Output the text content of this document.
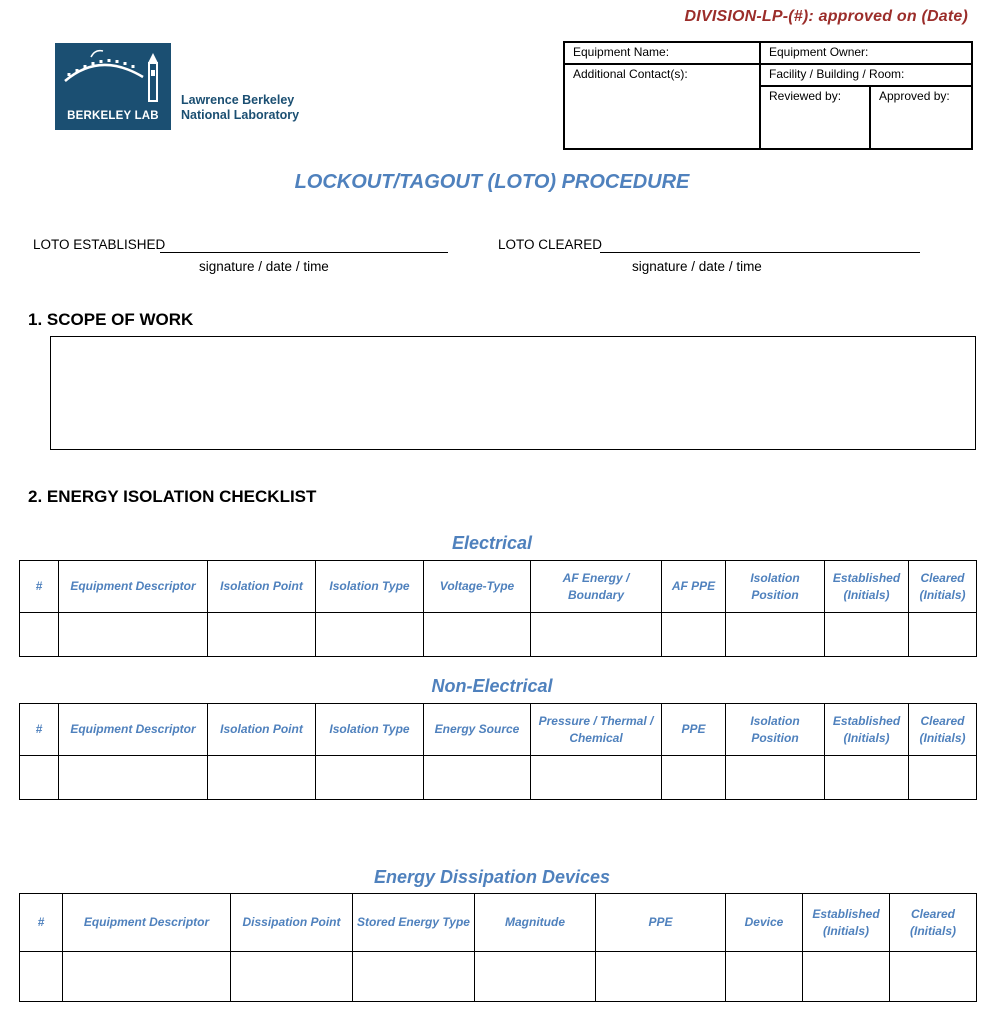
DIVISION-LP-(#): approved on (Date)
BERKELEY LAB
Lawrence Berkeley
National Laboratory
Equipment Name:	Equipment Owner:	
Additional Contact(s):	Facility / Building / Room:	
	Reviewed by:	Approved by:
LOCKOUT/TAGOUT (LOTO) PROCEDURE
LOTO ESTABLISHED
signature / date / time
LOTO CLEARED
signature / date / time
1. SCOPE OF WORK
2. ENERGY ISOLATION CHECKLIST
Electrical
#	Equipment Descriptor	Isolation Point	Isolation Type	Voltage-Type	AF Energy / Boundary	AF PPE	Isolation Position	Established (Initials)	Cleared (Initials)

Non-Electrical
#	Equipment Descriptor	Isolation Point	Isolation Type	Energy Source	Pressure / Thermal / Chemical	PPE	Isolation Position	Established (Initials)	Cleared (Initials)

Energy Dissipation Devices
#	Equipment Descriptor	Dissipation Point	Stored Energy Type	Magnitude	PPE	Device	Established (Initials)	Cleared (Initials)
